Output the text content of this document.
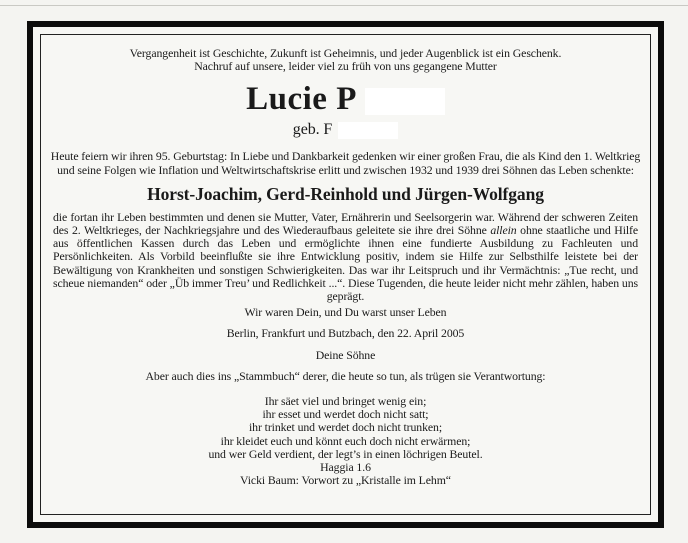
Vergangenheit ist Geschichte, Zukunft ist Geheimnis, und jeder Augenblick ist ein Geschenk.

Nachruf auf unsere, leider viel zu früh von uns gegangene Mutter

Lucie P
geb. F

Heute feiern wir ihren 95. Geburtstag: In Liebe und Dankbarkeit gedenken wir einer großen Frau, die als Kind den 1. Weltkrieg und seine Folgen wie Inflation und Weltwirtschaftskrise erlitt und zwischen 1932 und 1939 drei Söhnen das Leben schenkte:

Horst-Joachim, Gerd-Reinhold und Jürgen-Wolfgang

die fortan ihr Leben bestimmten und denen sie Mutter, Vater, Ernährerin und Seelsorgerin war. Während der schweren Zeiten des 2. Weltkrieges, der Nachkriegsjahre und des Wiederaufbaus geleitete sie ihre drei Söhne allein ohne staatliche und Hilfe aus öffentlichen Kassen durch das Leben und ermöglichte ihnen eine fundierte Ausbildung zu Fachleuten und Persönlichkeiten. Als Vorbild beeinflußte sie ihre Entwicklung positiv, indem sie Hilfe zur Selbsthilfe leistete bei der Bewältigung von Krankheiten und sonstigen Schwierigkeiten. Das war ihr Leitspruch und ihr Vermächtnis: „Tue recht, und scheue niemanden“ oder „Üb immer Treu’ und Redlichkeit ...“. Diese Tugenden, die heute leider nicht mehr zählen, haben uns geprägt.

Wir waren Dein, und Du warst unser Leben

Berlin, Frankfurt und Butzbach, den 22. April 2005

Deine Söhne

Aber auch dies ins „Stammbuch“ derer, die heute so tun, als trügen sie Verantwortung:

Ihr säet viel und bringet wenig ein;
ihr esset und werdet doch nicht satt;
ihr trinket und werdet doch nicht trunken;
ihr kleidet euch und könnt euch doch nicht erwärmen;
und wer Geld verdient, der legt’s in einen löchrigen Beutel.
Haggia 1.6
Vicki Baum: Vorwort zu „Kristalle im Lehm“
